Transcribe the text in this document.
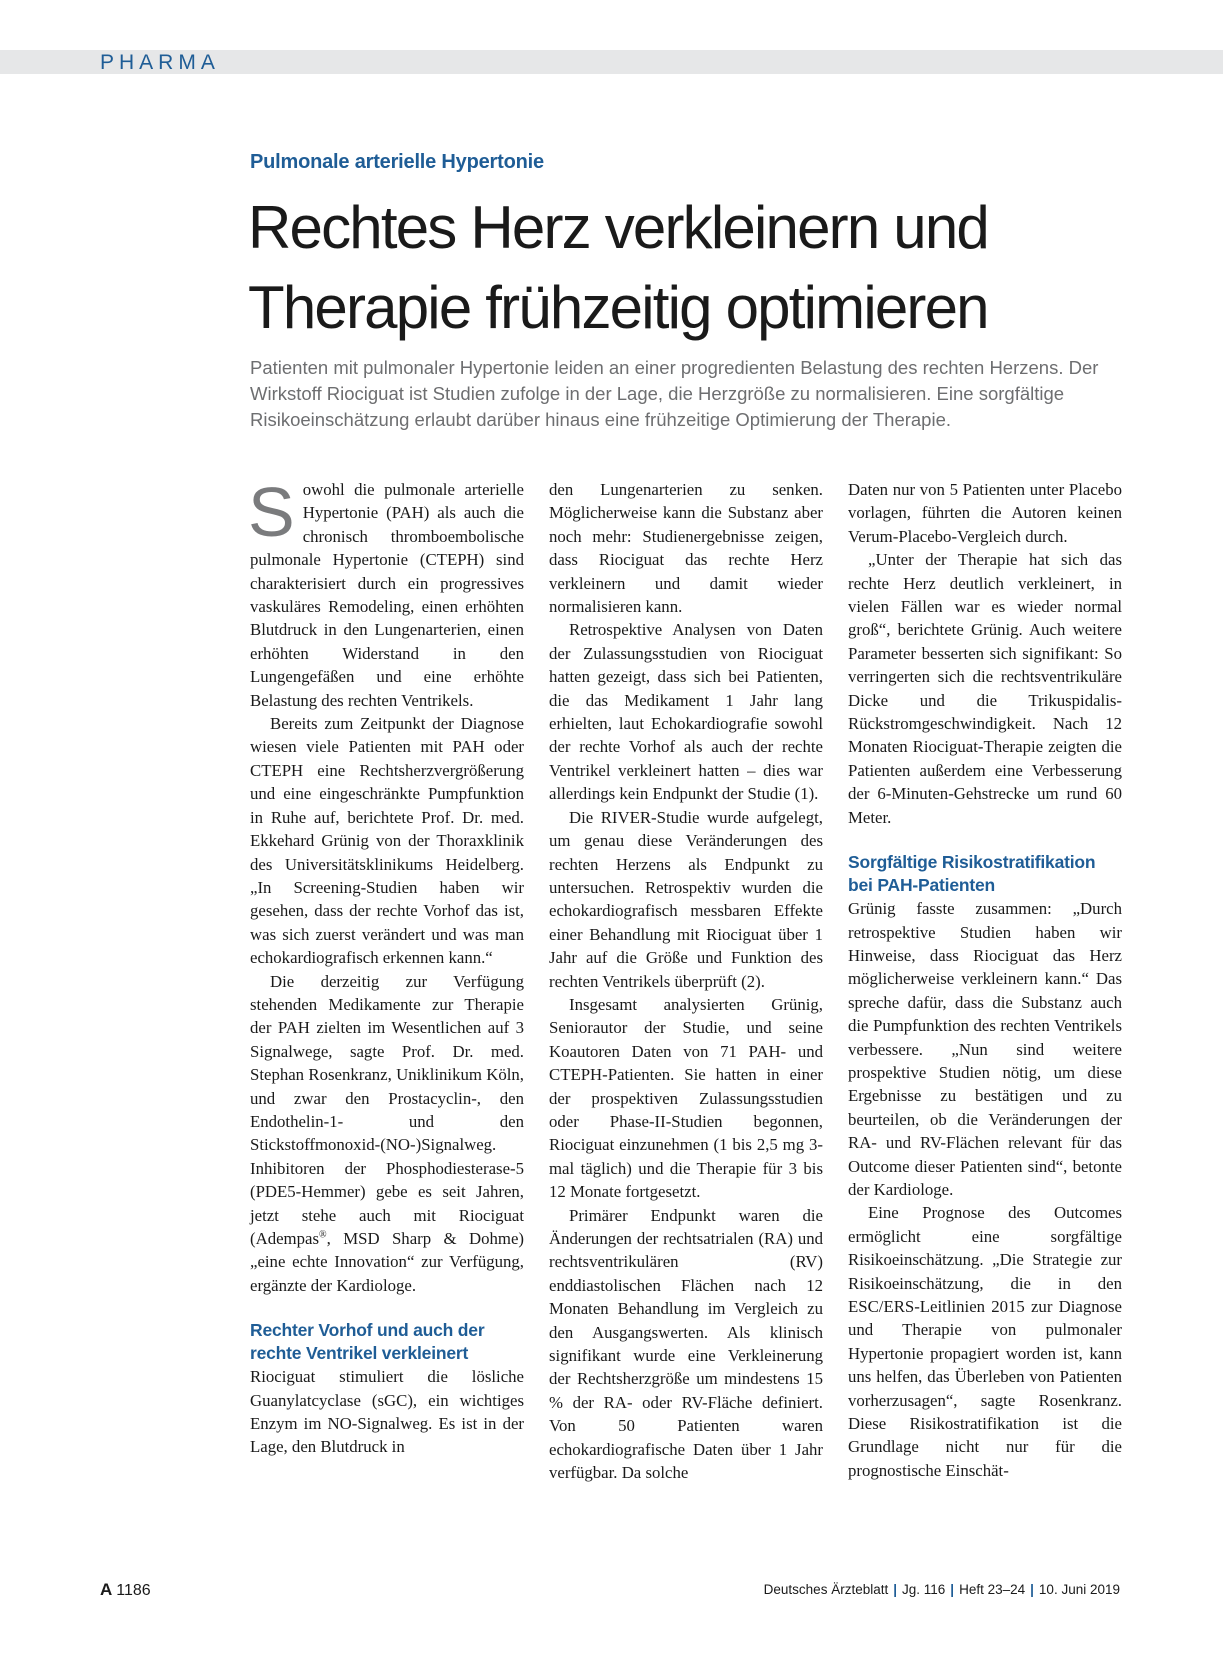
PHARMA
Pulmonale arterielle Hypertonie
Rechtes Herz verkleinern und
Therapie frühzeitig optimieren

Patienten mit pulmonaler Hypertonie leiden an einer progredienten Belastung des rechten Herzens. Der Wirkstoff Riociguat ist Studien zufolge in der Lage, die Herzgröße zu normalisieren. Eine sorgfältige Risikoeinschätzung erlaubt darüber hinaus eine frühzeitige Optimierung der Therapie.

Sowohl die pulmonale arterielle Hypertonie (PAH) als auch die chronisch thromboembolische pulmonale Hypertonie (CTEPH) sind charakterisiert durch ein progressives vaskuläres Remodeling, einen erhöhten Blutdruck in den Lungenarterien, einen erhöhten Widerstand in den Lungengefäßen und eine erhöhte Belastung des rechten Ventrikels.

Bereits zum Zeitpunkt der Diagnose wiesen viele Patienten mit PAH oder CTEPH eine Rechtsherzvergrößerung und eine eingeschränkte Pumpfunktion in Ruhe auf, berichtete Prof. Dr. med. Ekkehard Grünig von der Thoraxklinik des Universitätsklinikums Heidelberg. „In Screening-Studien haben wir gesehen, dass der rechte Vorhof das ist, was sich zuerst verändert und was man echokardiografisch erkennen kann.“

Die derzeitig zur Verfügung stehenden Medikamente zur Therapie der PAH zielten im Wesentlichen auf 3 Signalwege, sagte Prof. Dr. med. Stephan Rosenkranz, Uniklinikum Köln, und zwar den Prostacyclin-, den Endothelin-1- und den Stickstoffmonoxid-(NO-)Signalweg. Inhibitoren der Phosphodiesterase-5 (PDE5-Hemmer) gebe es seit Jahren, jetzt stehe auch mit Riociguat (Adempas®, MSD Sharp & Dohme) „eine echte Innovation“ zur Verfügung, ergänzte der Kardiologe.

Rechter Vorhof und auch der rechte Ventrikel verkleinert

Riociguat stimuliert die lösliche Guanylatcyclase (sGC), ein wichtiges Enzym im NO-Signalweg. Es ist in der Lage, den Blutdruck in

den Lungenarterien zu senken. Möglicherweise kann die Substanz aber noch mehr: Studienergebnisse zeigen, dass Riociguat das rechte Herz verkleinern und damit wieder normalisieren kann.

Retrospektive Analysen von Daten der Zulassungsstudien von Riociguat hatten gezeigt, dass sich bei Patienten, die das Medikament 1 Jahr lang erhielten, laut Echokardiografie sowohl der rechte Vorhof als auch der rechte Ventrikel verkleinert hatten – dies war allerdings kein Endpunkt der Studie (1).

Die RIVER-Studie wurde aufgelegt, um genau diese Veränderungen des rechten Herzens als Endpunkt zu untersuchen. Retrospektiv wurden die echokardiografisch messbaren Effekte einer Behandlung mit Riociguat über 1 Jahr auf die Größe und Funktion des rechten Ventrikels überprüft (2).

Insgesamt analysierten Grünig, Seniorautor der Studie, und seine Koautoren Daten von 71 PAH- und CTEPH-Patienten. Sie hatten in einer der prospektiven Zulassungsstudien oder Phase-II-Studien begonnen, Riociguat einzunehmen (1 bis 2,5 mg 3-mal täglich) und die Therapie für 3 bis 12 Monate fortgesetzt.

Primärer Endpunkt waren die Änderungen der rechtsatrialen (RA) und rechtsventrikulären (RV) enddiastolischen Flächen nach 12 Monaten Behandlung im Vergleich zu den Ausgangswerten. Als klinisch signifikant wurde eine Verkleinerung der Rechtsherzgröße um mindestens 15 % der RA- oder RV-Fläche definiert. Von 50 Patienten waren echokardiografische Daten über 1 Jahr verfügbar. Da solche

Daten nur von 5 Patienten unter Placebo vorlagen, führten die Autoren keinen Verum-Placebo-Vergleich durch.

„Unter der Therapie hat sich das rechte Herz deutlich verkleinert, in vielen Fällen war es wieder normal groß“, berichtete Grünig. Auch weitere Parameter besserten sich signifikant: So verringerten sich die rechtsventrikuläre Dicke und die Trikuspidalis-Rückstromgeschwindigkeit. Nach 12 Monaten Riociguat-Therapie zeigten die Patienten außerdem eine Verbesserung der 6-Minuten-Gehstrecke um rund 60 Meter.

Sorgfältige Risikostratifikation bei PAH-Patienten

Grünig fasste zusammen: „Durch retrospektive Studien haben wir Hinweise, dass Riociguat das Herz möglicherweise verkleinern kann.“ Das spreche dafür, dass die Substanz auch die Pumpfunktion des rechten Ventrikels verbessere. „Nun sind weitere prospektive Studien nötig, um diese Ergebnisse zu bestätigen und zu beurteilen, ob die Veränderungen der RA- und RV-Flächen relevant für das Outcome dieser Patienten sind“, betonte der Kardiologe.

Eine Prognose des Outcomes ermöglicht eine sorgfältige Risikoeinschätzung. „Die Strategie zur Risikoeinschätzung, die in den ESC/ERS-Leitlinien 2015 zur Diagnose und Therapie von pulmonaler Hypertonie propagiert worden ist, kann uns helfen, das Überleben von Patienten vorherzusagen“, sagte Rosenkranz. Diese Risikostratifikation ist die Grundlage nicht nur für die prognostische Einschät-

A 1186	Deutsches Ärzteblatt | Jg. 116 | Heft 23–24 | 10. Juni 2019
